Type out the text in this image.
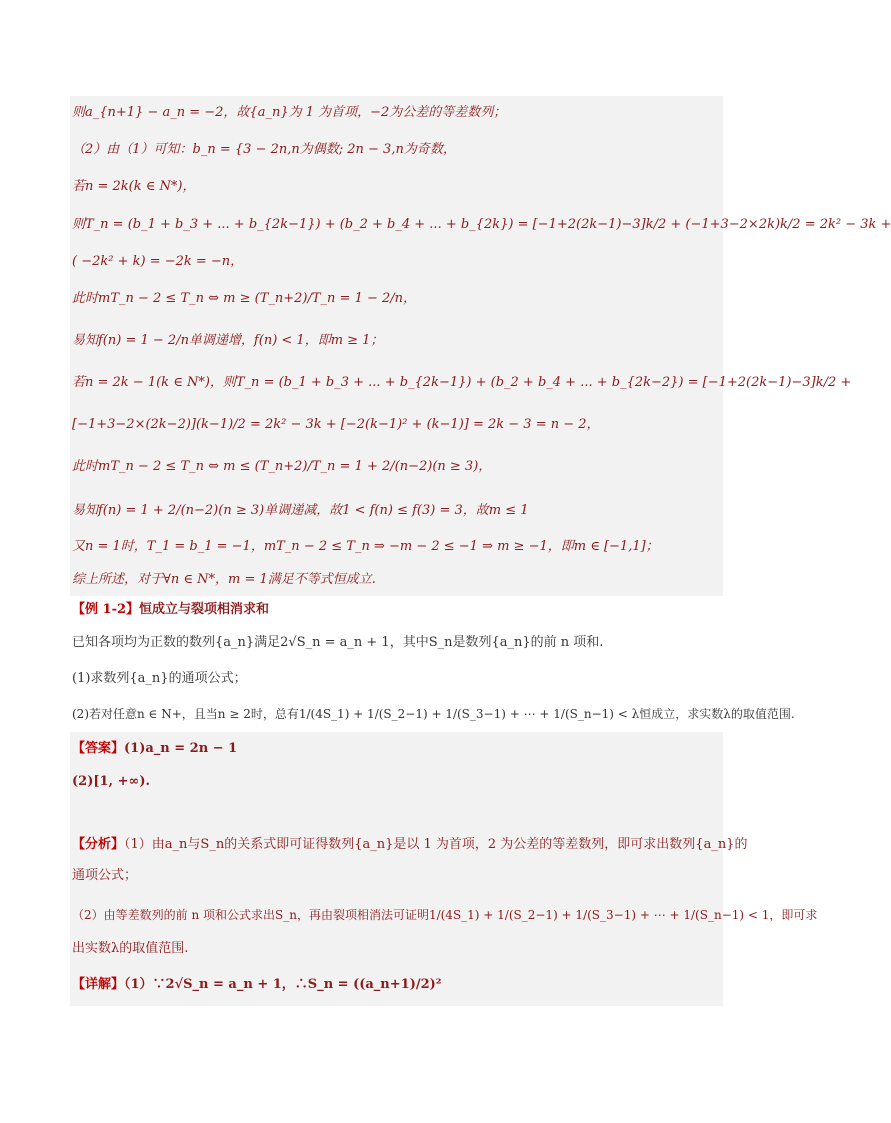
则a_{n+1} − a_n = −2，故{a_n}为 1 为首项，−2为公差的等差数列；
（2）由（1）可知：b_n = {3 − 2n,n为偶数; 2n − 3,n为奇数，
若n = 2k(k ∈ N*)，
则T_n = (b_1 + b_3 + ... + b_{2k−1}) + (b_2 + b_4 + ... + b_{2k}) = [−1+2(2k−1)−3]k/2 + (−1+3−2×2k)k/2 = 2k² − 3k +
( −2k² + k) = −2k = −n，
此时mT_n − 2 ≤ T_n ⇔ m ≥ (T_n+2)/T_n = 1 − 2/n，
易知f(n) = 1 − 2/n单调递增，f(n) < 1，即m ≥ 1；
若n = 2k − 1(k ∈ N*)，则T_n = (b_1 + b_3 + ... + b_{2k−1}) + (b_2 + b_4 + ... + b_{2k−2}) = [−1+2(2k−1)−3]k/2 +
[−1+3−2×(2k−2)](k−1)/2 = 2k² − 3k + [−2(k−1)² + (k−1)] = 2k − 3 = n − 2，
此时mT_n − 2 ≤ T_n ⇔ m ≤ (T_n+2)/T_n = 1 + 2/(n−2)(n ≥ 3)，
易知f(n) = 1 + 2/(n−2)(n ≥ 3)单调递减，故1 < f(n) ≤ f(3) = 3，故m ≤ 1
又n = 1时，T_1 = b_1 = −1，mT_n − 2 ≤ T_n ⇒ −m − 2 ≤ −1 ⇒ m ≥ −1，即m ∈ [−1,1]；
综上所述，对于∀n ∈ N*，m = 1满足不等式恒成立.
【例 1-2】恒成立与裂项相消求和
已知各项均为正数的数列{a_n}满足2√S_n = a_n + 1，其中S_n是数列{a_n}的前 n 项和.
(1)求数列{a_n}的通项公式；
(2)若对任意n ∈ N+，且当n ≥ 2时，总有1/(4S_1) + 1/(S_2−1) + 1/(S_3−1) + ⋯ + 1/(S_n−1) < λ恒成立，求实数λ的取值范围.
【答案】(1)a_n = 2n − 1
(2)[1, +∞).
【分析】（1）由a_n与S_n的关系式即可证得数列{a_n}是以 1 为首项，2 为公差的等差数列，即可求出数列{a_n}的
通项公式；
（2）由等差数列的前 n 项和公式求出S_n，再由裂项相消法可证明1/(4S_1) + 1/(S_2−1) + 1/(S_3−1) + ⋯ + 1/(S_n−1) < 1，即可求
出实数λ的取值范围.
【详解】（1）∵2√S_n = a_n + 1，∴S_n = ((a_n+1)/2)²
